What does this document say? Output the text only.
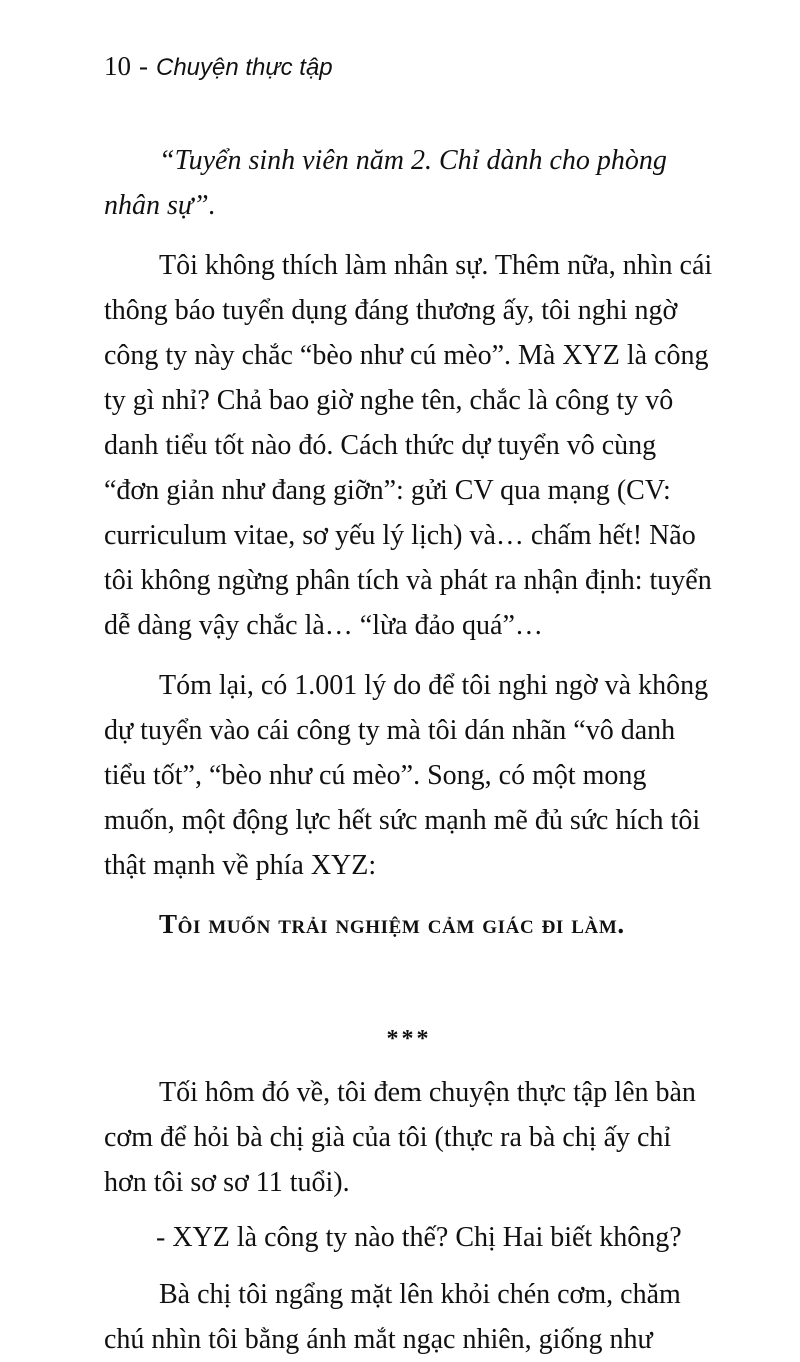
10 - Chuyện thực tập

“Tuyển sinh viên năm 2. Chỉ dành cho phòng nhân sự”.

Tôi không thích làm nhân sự. Thêm nữa, nhìn cái thông báo tuyển dụng đáng thương ấy, tôi nghi ngờ công ty này chắc “bèo như cú mèo”. Mà XYZ là công ty gì nhỉ? Chả bao giờ nghe tên, chắc là công ty vô danh tiểu tốt nào đó. Cách thức dự tuyển vô cùng “đơn giản như đang giỡn”: gửi CV qua mạng (CV: curriculum vitae, sơ yếu lý lịch) và… chấm hết! Não tôi không ngừng phân tích và phát ra nhận định: tuyển dễ dàng vậy chắc là… “lừa đảo quá”…

Tóm lại, có 1.001 lý do để tôi nghi ngờ và không dự tuyển vào cái công ty mà tôi dán nhãn “vô danh tiểu tốt”, “bèo như cú mèo”. Song, có một mong muốn, một động lực hết sức mạnh mẽ đủ sức hích tôi thật mạnh về phía XYZ:

Tôi muốn trải nghiệm cảm giác đi làm.

***

Tối hôm đó về, tôi đem chuyện thực tập lên bàn cơm để hỏi bà chị già của tôi (thực ra bà chị ấy chỉ hơn tôi sơ sơ 11 tuổi).

- XYZ là công ty nào thế? Chị Hai biết không?

Bà chị tôi ngẩng mặt lên khỏi chén cơm, chăm chú nhìn tôi bằng ánh mắt ngạc nhiên, giống như
